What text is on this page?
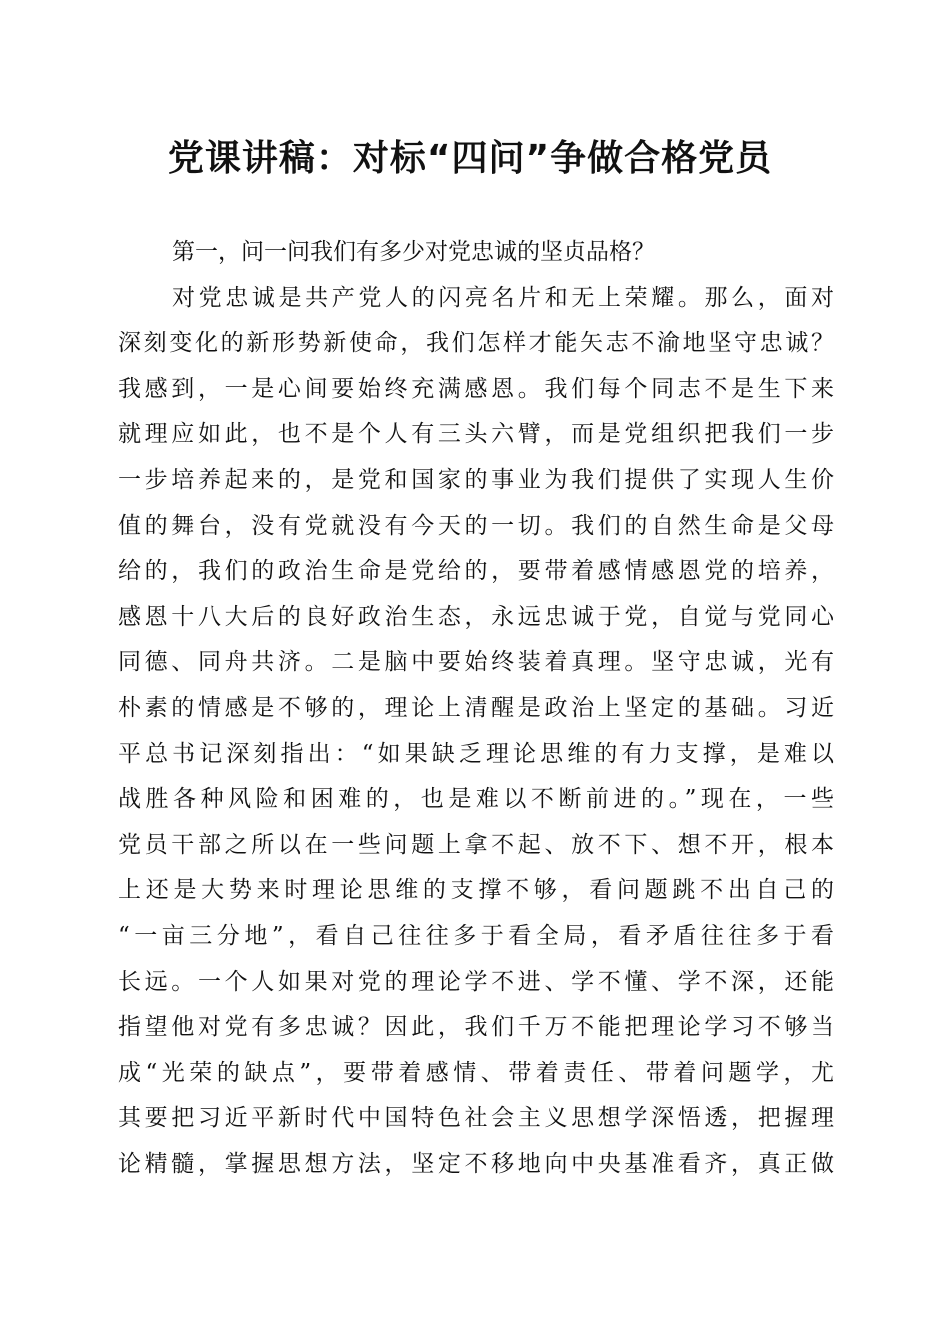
党课讲稿：对标“四问”争做合格党员
第一，问一问我们有多少对党忠诚的坚贞品格？
对党忠诚是共产党人的闪亮名片和无上荣耀。那么，面对
深刻变化的新形势新使命，我们怎样才能矢志不渝地坚守忠诚？
我感到，一是心间要始终充满感恩。我们每个同志不是生下来
就理应如此，也不是个人有三头六臂，而是党组织把我们一步
一步培养起来的，是党和国家的事业为我们提供了实现人生价
值的舞台，没有党就没有今天的一切。我们的自然生命是父母
给的，我们的政治生命是党给的，要带着感情感恩党的培养，
感恩十八大后的良好政治生态，永远忠诚于党，自觉与党同心
同德、同舟共济。二是脑中要始终装着真理。坚守忠诚，光有
朴素的情感是不够的，理论上清醒是政治上坚定的基础。习近
平总书记深刻指出：“如果缺乏理论思维的有力支撑，是难以
战胜各种风险和困难的，也是难以不断前进的。”现在，一些
党员干部之所以在一些问题上拿不起、放不下、想不开，根本
上还是大势来时理论思维的支撑不够，看问题跳不出自己的
“一亩三分地”，看自己往往多于看全局，看矛盾往往多于看
长远。一个人如果对党的理论学不进、学不懂、学不深，还能
指望他对党有多忠诚？因此，我们千万不能把理论学习不够当
成“光荣的缺点”，要带着感情、带着责任、带着问题学，尤
其要把习近平新时代中国特色社会主义思想学深悟透，把握理
论精髓，掌握思想方法，坚定不移地向中央基准看齐，真正做
